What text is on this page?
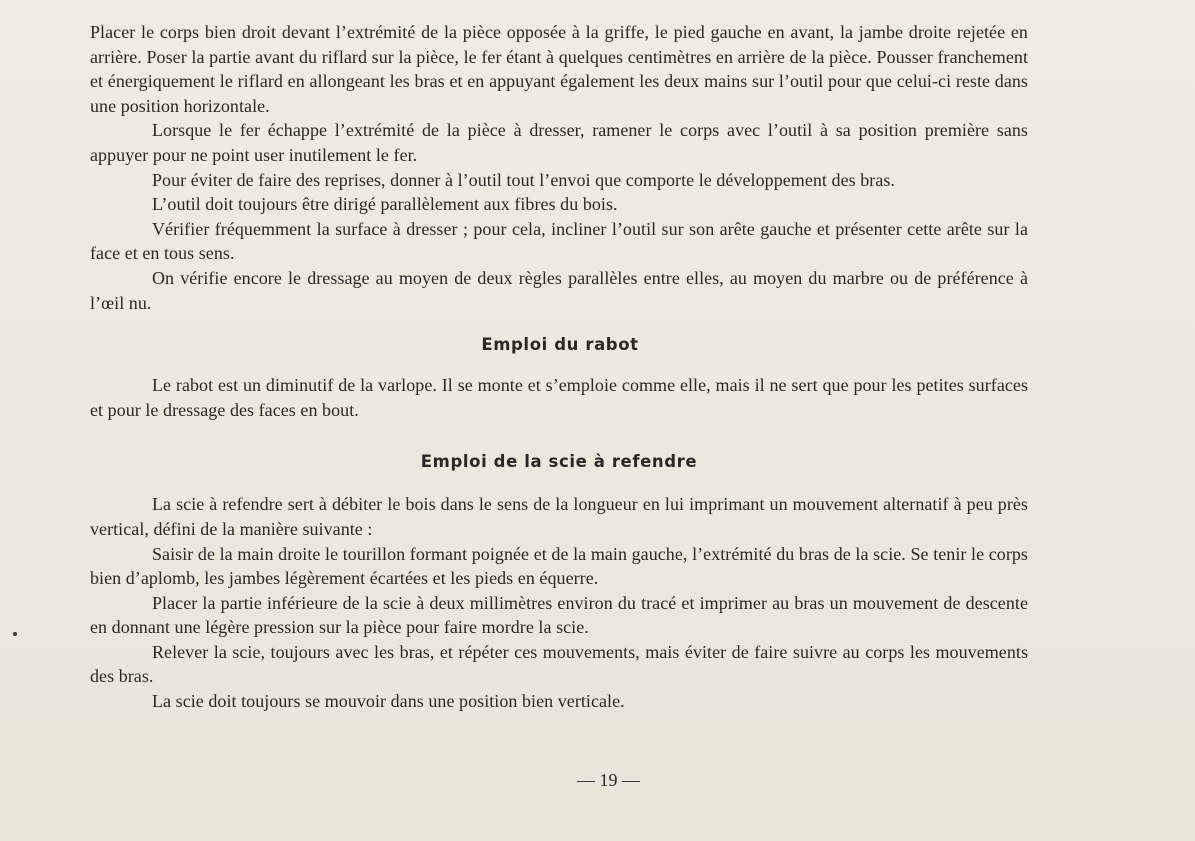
Placer le corps bien droit devant l’extrémité de la pièce opposée à la griffe, le pied gauche en avant, la jambe droite rejetée en arrière. Poser la partie avant du riflard sur la pièce, le fer étant à quelques centimètres en arrière de la pièce. Pousser franchement et énergiquement le riflard en allongeant les bras et en appuyant également les deux mains sur l’outil pour que celui-ci reste dans une position horizontale.

Lorsque le fer échappe l’extrémité de la pièce à dresser, ramener le corps avec l’outil à sa position première sans appuyer pour ne point user inutilement le fer.

Pour éviter de faire des reprises, donner à l’outil tout l’envoi que comporte le développement des bras.

L’outil doit toujours être dirigé parallèlement aux fibres du bois.

Vérifier fréquemment la surface à dresser ; pour cela, incliner l’outil sur son arête gauche et présenter cette arête sur la face et en tous sens.

On vérifie encore le dressage au moyen de deux règles parallèles entre elles, au moyen du marbre ou de préférence à l’œil nu.

Emploi du rabot

Le rabot est un diminutif de la varlope. Il se monte et s’emploie comme elle, mais il ne sert que pour les petites surfaces et pour le dressage des faces en bout.

Emploi de la scie à refendre

La scie à refendre sert à débiter le bois dans le sens de la longueur en lui imprimant un mouvement alternatif à peu près vertical, défini de la manière suivante :

Saisir de la main droite le tourillon formant poignée et de la main gauche, l’extrémité du bras de la scie. Se tenir le corps bien d’aplomb, les jambes légèrement écartées et les pieds en équerre.

Placer la partie inférieure de la scie à deux millimètres environ du tracé et imprimer au bras un mouvement de descente en donnant une légère pression sur la pièce pour faire mordre la scie.

Relever la scie, toujours avec les bras, et répéter ces mouvements, mais éviter de faire suivre au corps les mouvements des bras.

La scie doit toujours se mouvoir dans une position bien verticale.

— 19 —
